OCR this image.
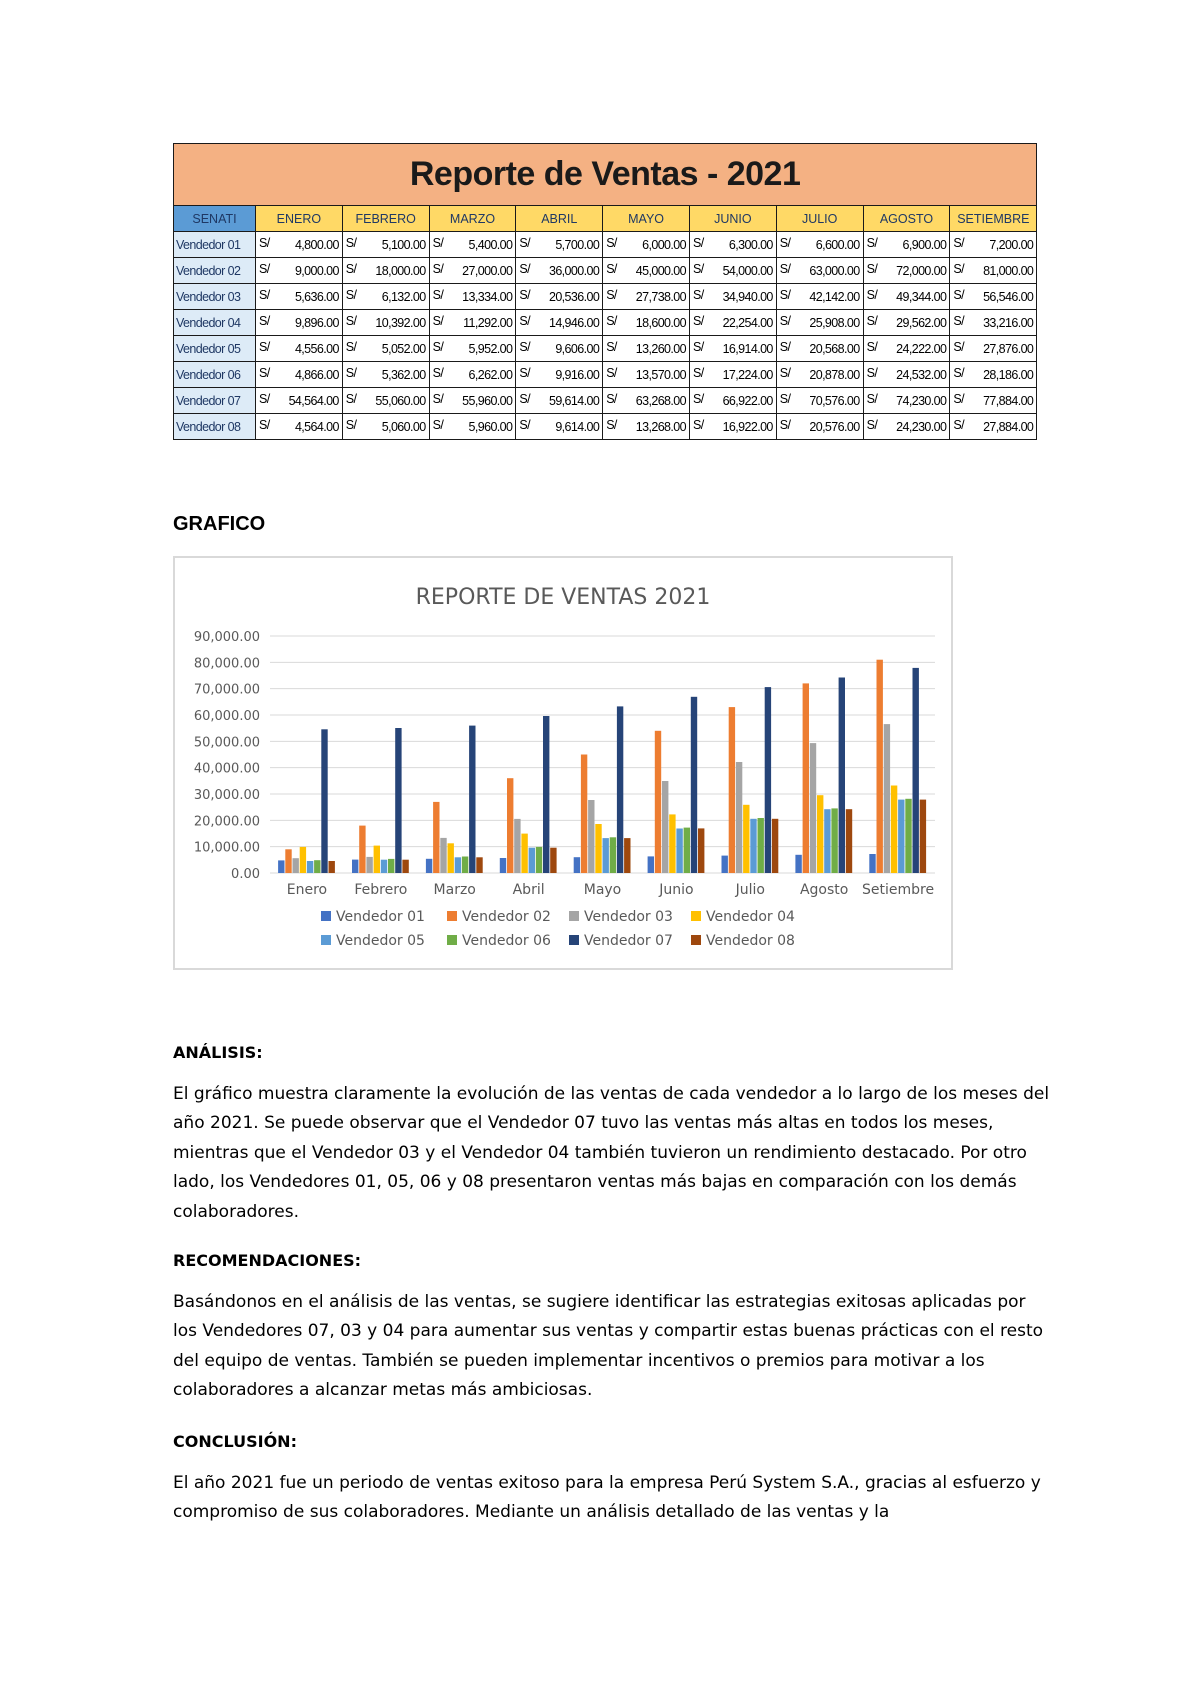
Reporte de Ventas - 2021									
SENATI	ENERO	FEBRERO	MARZO	ABRIL	MAYO	JUNIO	JULIO	AGOSTO	SETIEMBRE
Vendedor 01	S/ 4,800.00	S/ 5,100.00	S/ 5,400.00	S/ 5,700.00	S/ 6,000.00	S/ 6,300.00	S/ 6,600.00	S/ 6,900.00	S/ 7,200.00
Vendedor 02	S/ 9,000.00	S/ 18,000.00	S/ 27,000.00	S/ 36,000.00	S/ 45,000.00	S/ 54,000.00	S/ 63,000.00	S/ 72,000.00	S/ 81,000.00
Vendedor 03	S/ 5,636.00	S/ 6,132.00	S/ 13,334.00	S/ 20,536.00	S/ 27,738.00	S/ 34,940.00	S/ 42,142.00	S/ 49,344.00	S/ 56,546.00
Vendedor 04	S/ 9,896.00	S/ 10,392.00	S/ 11,292.00	S/ 14,946.00	S/ 18,600.00	S/ 22,254.00	S/ 25,908.00	S/ 29,562.00	S/ 33,216.00
Vendedor 05	S/ 4,556.00	S/ 5,052.00	S/ 5,952.00	S/ 9,606.00	S/ 13,260.00	S/ 16,914.00	S/ 20,568.00	S/ 24,222.00	S/ 27,876.00
Vendedor 06	S/ 4,866.00	S/ 5,362.00	S/ 6,262.00	S/ 9,916.00	S/ 13,570.00	S/ 17,224.00	S/ 20,878.00	S/ 24,532.00	S/ 28,186.00
Vendedor 07	S/ 54,564.00	S/ 55,060.00	S/ 55,960.00	S/ 59,614.00	S/ 63,268.00	S/ 66,922.00	S/ 70,576.00	S/ 74,230.00	S/ 77,884.00
Vendedor 08	S/ 4,564.00	S/ 5,060.00	S/ 5,960.00	S/ 9,614.00	S/ 13,268.00	S/ 16,922.00	S/ 20,576.00	S/ 24,230.00	S/ 27,884.00
GRAFICO
REPORTE DE VENTAS 2021
0.00
10,000.00
20,000.00
30,000.00
40,000.00
50,000.00
60,000.00
70,000.00
80,000.00
90,000.00
Enero Febrero Marzo	Abril	Mayo	Junio	Julio	Agosto Setiembre
Vendedor 01	Vendedor 02 Vendedor 03 Vendedor 04
Vendedor 05	Vendedor 06 Vendedor 07 Vendedor 08
ANÁLISIS:
El gráfico muestra claramente la evolución de las ventas de cada vendedor a lo largo de los meses del año 2021. Se puede observar que el Vendedor 07 tuvo las ventas más altas en todos los meses, mientras que el Vendedor 03 y el Vendedor 04 también tuvieron un rendimiento destacado. Por otro lado, los Vendedores 01, 05, 06 y 08 presentaron ventas más bajas en comparación con los demás colaboradores.
RECOMENDACIONES:
Basándonos en el análisis de las ventas, se sugiere identificar las estrategias exitosas aplicadas por los Vendedores 07, 03 y 04 para aumentar sus ventas y compartir estas buenas prácticas con el resto del equipo de ventas. También se pueden implementar incentivos o premios para motivar a los colaboradores a alcanzar metas más ambiciosas.
CONCLUSIÓN:
El año 2021 fue un periodo de ventas exitoso para la empresa Perú System S.A., gracias al esfuerzo y compromiso de sus colaboradores. Mediante un análisis detallado de las ventas y la
